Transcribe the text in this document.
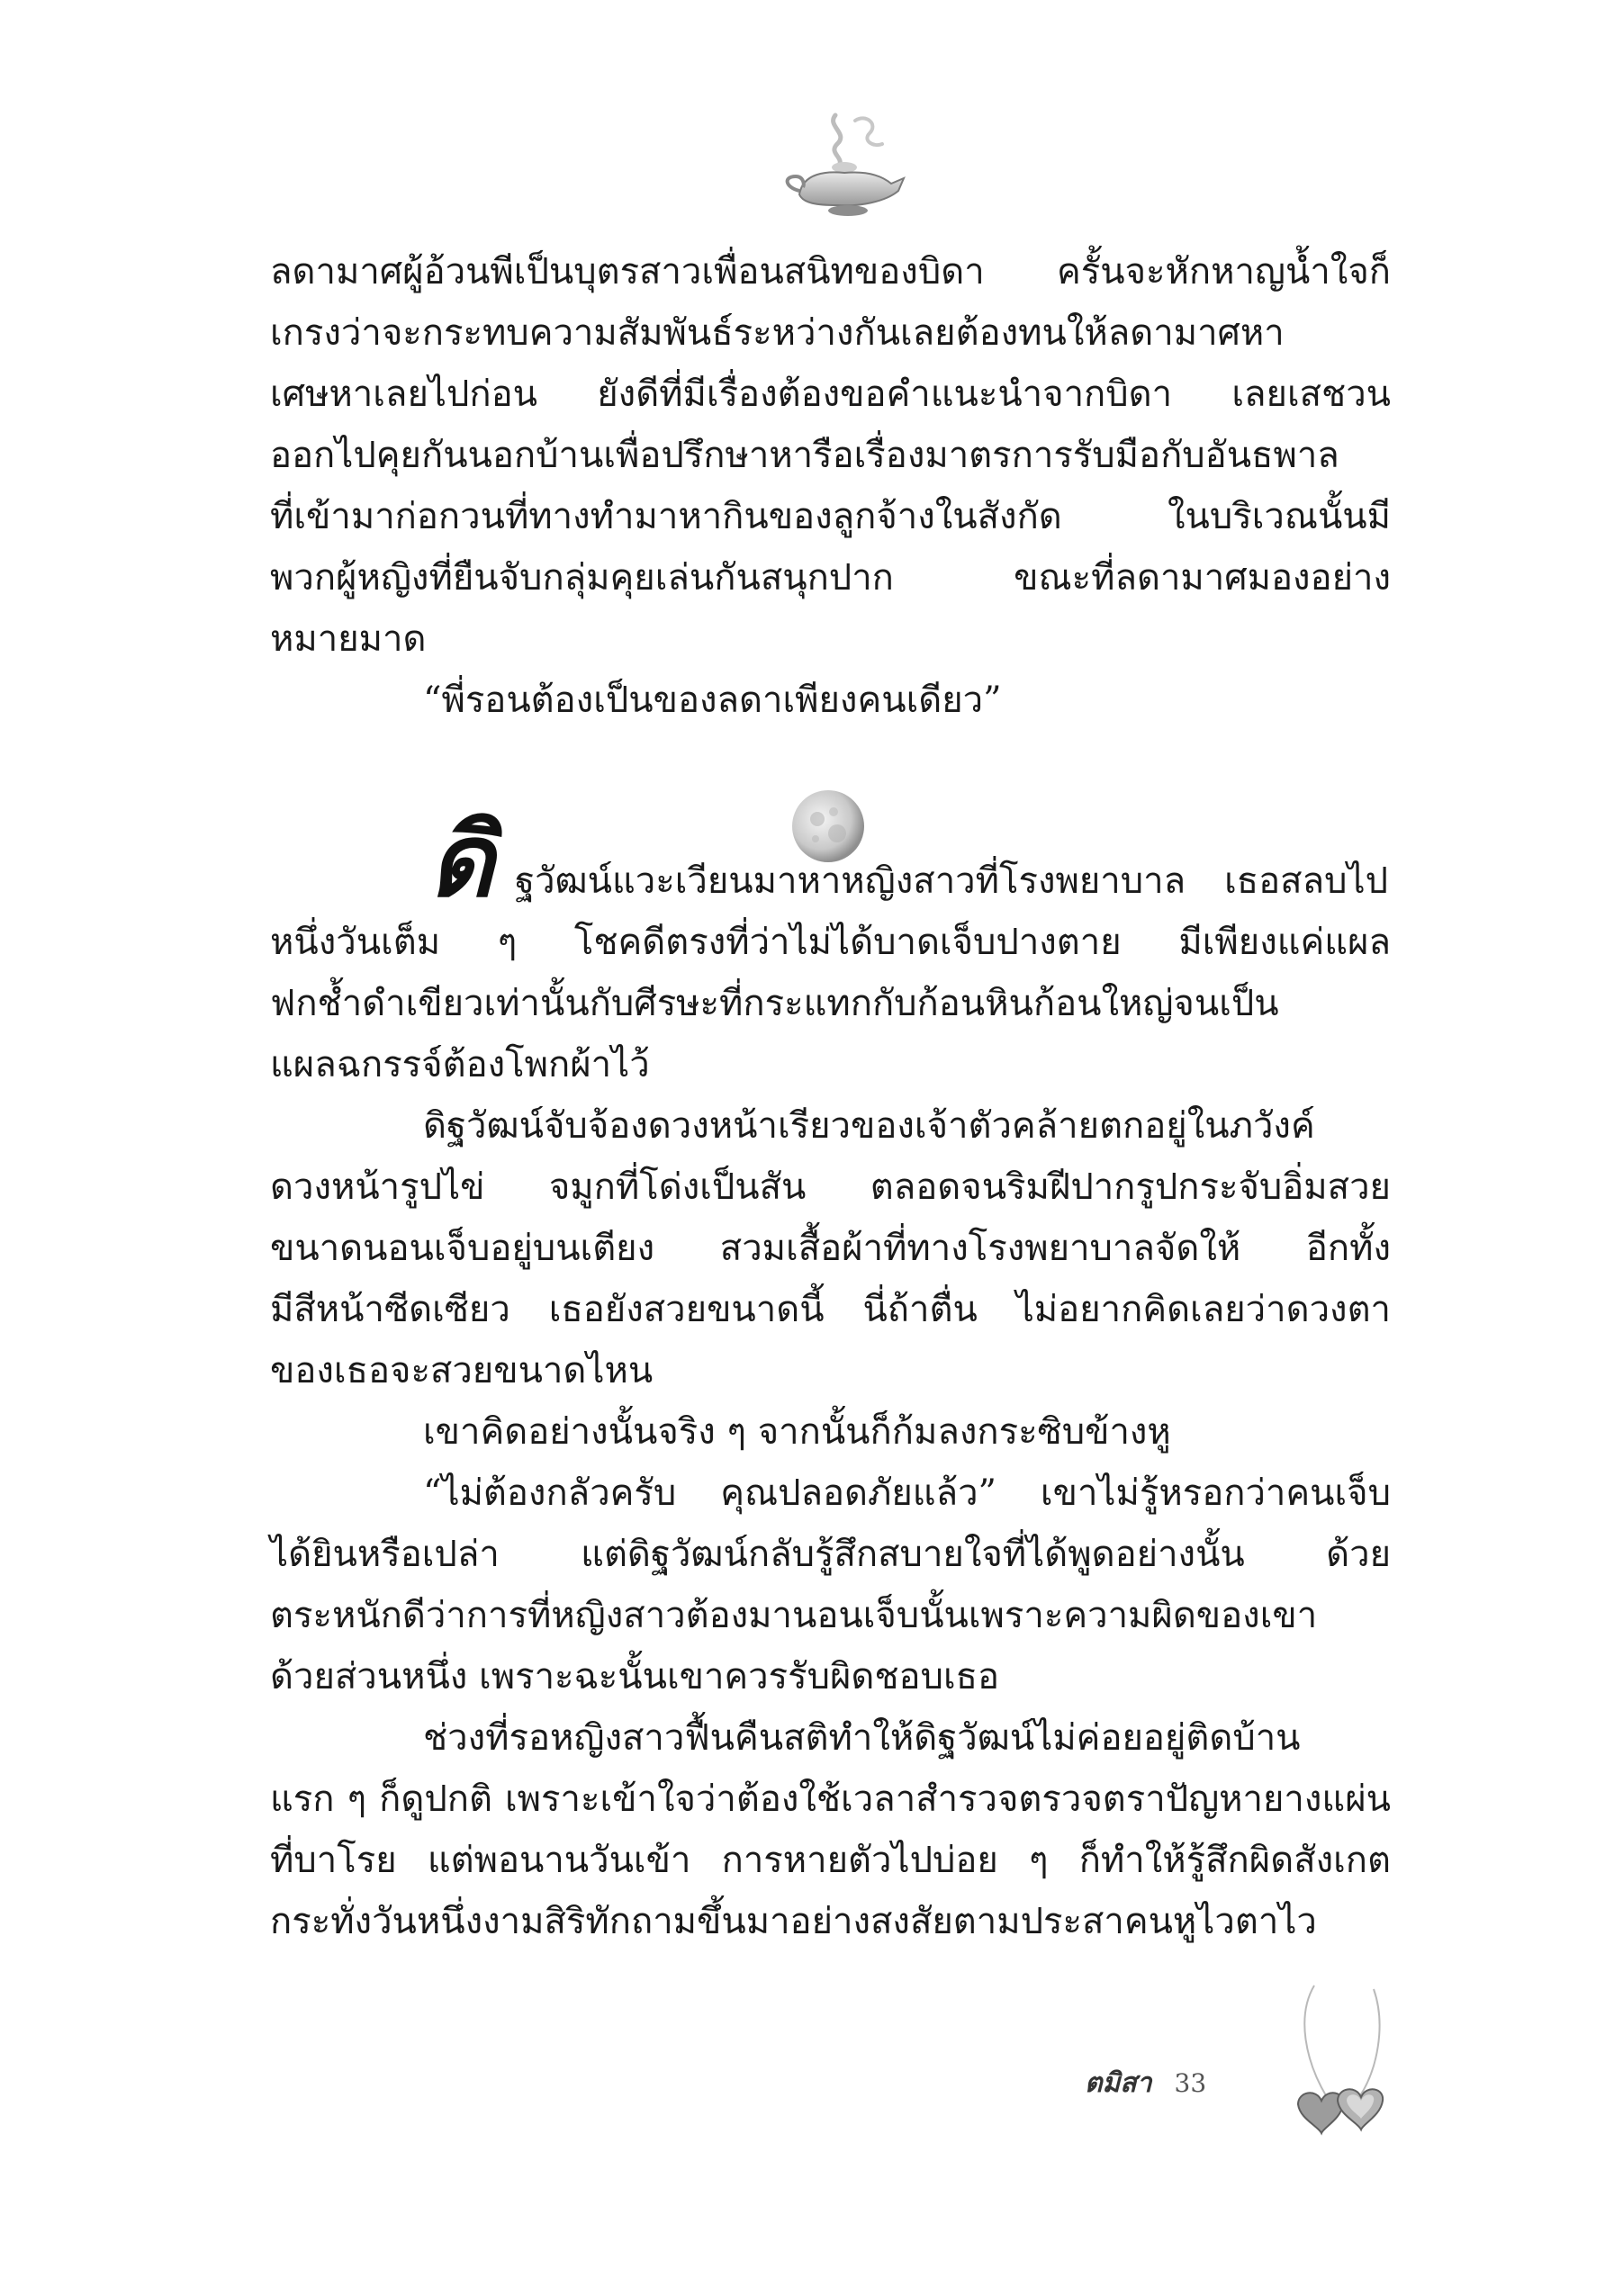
ลดามาศผู้อ้วนพีเป็นบุตรสาวเพื่อนสนิทของบิดา ครั้นจะหักหาญน้ำใจก็
เกรงว่าจะกระทบความสัมพันธ์ระหว่างกันเลยต้องทนให้ลดามาศหา
เศษหาเลยไปก่อน ยังดีที่มีเรื่องต้องขอคำแนะนำจากบิดา เลยเสชวน
ออกไปคุยกันนอกบ้านเพื่อปรึกษาหารือเรื่องมาตรการรับมือกับอันธพาล
ที่เข้ามาก่อกวนที่ทางทำมาหากินของลูกจ้างในสังกัด ในบริเวณนั้นมี
พวกผู้หญิงที่ยืนจับกลุ่มคุยเล่นกันสนุกปาก ขณะที่ลดามาศมองอย่าง
หมายมาด
“พี่รอนต้องเป็นของลดาเพียงคนเดียว”
ดิ ฐวัฒน์แวะเวียนมาหาหญิงสาวที่โรงพยาบาล เธอสลบไป
หนึ่งวันเต็ม ๆ โชคดีตรงที่ว่าไม่ได้บาดเจ็บปางตาย มีเพียงแค่แผล
ฟกช้ำดำเขียวเท่านั้นกับศีรษะที่กระแทกกับก้อนหินก้อนใหญ่จนเป็น
แผลฉกรรจ์ต้องโพกผ้าไว้
ดิฐวัฒน์จับจ้องดวงหน้าเรียวของเจ้าตัวคล้ายตกอยู่ในภวังค์
ดวงหน้ารูปไข่ จมูกที่โด่งเป็นสัน ตลอดจนริมฝีปากรูปกระจับอิ่มสวย
ขนาดนอนเจ็บอยู่บนเตียง สวมเสื้อผ้าที่ทางโรงพยาบาลจัดให้ อีกทั้ง
มีสีหน้าซีดเซียว เธอยังสวยขนาดนี้ นี่ถ้าตื่น ไม่อยากคิดเลยว่าดวงตา
ของเธอจะสวยขนาดไหน
เขาคิดอย่างนั้นจริง ๆ จากนั้นก็ก้มลงกระซิบข้างหู
“ไม่ต้องกลัวครับ คุณปลอดภัยแล้ว” เขาไม่รู้หรอกว่าคนเจ็บ
ได้ยินหรือเปล่า แต่ดิฐวัฒน์กลับรู้สึกสบายใจที่ได้พูดอย่างนั้น ด้วย
ตระหนักดีว่าการที่หญิงสาวต้องมานอนเจ็บนั้นเพราะความผิดของเขา
ด้วยส่วนหนึ่ง เพราะฉะนั้นเขาควรรับผิดชอบเธอ
ช่วงที่รอหญิงสาวฟื้นคืนสติทำให้ดิฐวัฒน์ไม่ค่อยอยู่ติดบ้าน
แรก ๆ ก็ดูปกติ เพราะเข้าใจว่าต้องใช้เวลาสำรวจตรวจตราปัญหายางแผ่น
ที่บาโรย แต่พอนานวันเข้า การหายตัวไปบ่อย ๆ ก็ทำให้รู้สึกผิดสังเกต
กระทั่งวันหนึ่งงามสิริทักถามขึ้นมาอย่างสงสัยตามประสาคนหูไวตาไว
ตมิสา 33
